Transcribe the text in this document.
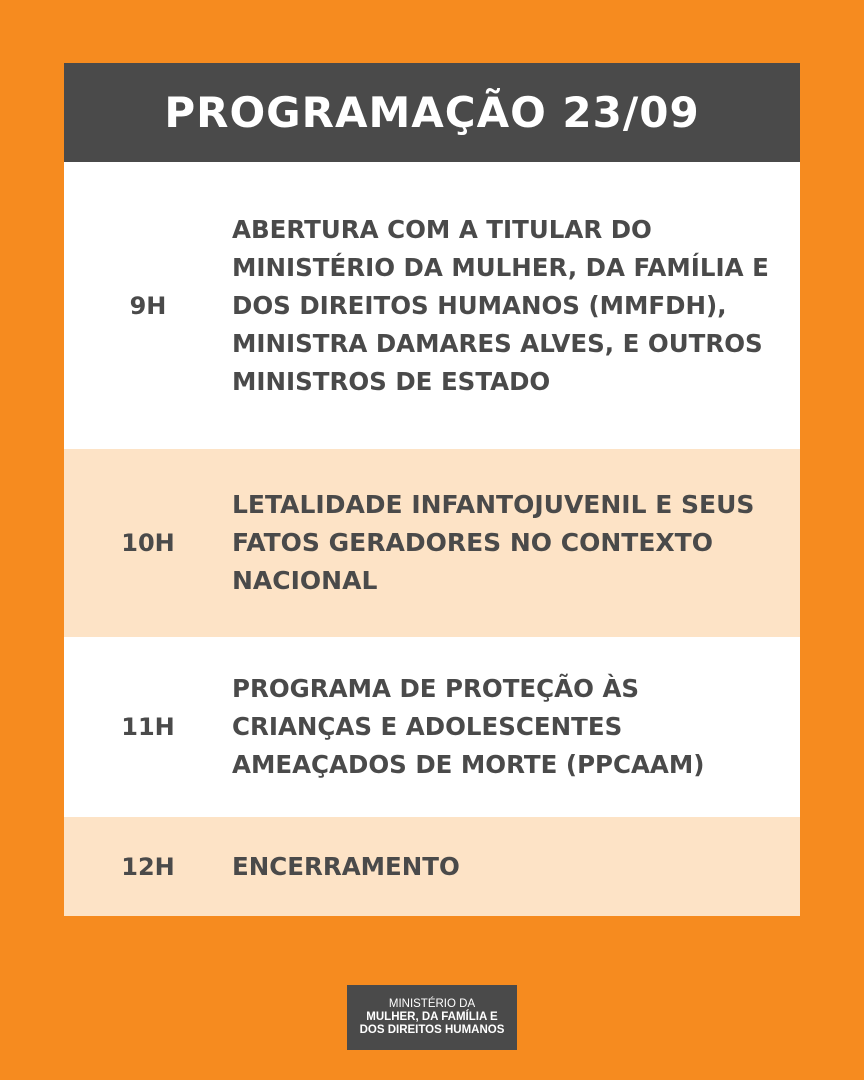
PROGRAMAÇÃO 23/09
9H
ABERTURA COM A TITULAR DO MINISTÉRIO DA MULHER, DA FAMÍLIA E DOS DIREITOS HUMANOS (MMFDH), MINISTRA DAMARES ALVES, E OUTROS MINISTROS DE ESTADO
10H
LETALIDADE INFANTOJUVENIL E SEUS FATOS GERADORES NO CONTEXTO NACIONAL
11H
PROGRAMA DE PROTEÇÃO ÀS CRIANÇAS E ADOLESCENTES AMEAÇADOS DE MORTE (PPCAAM)
12H	ENCERRAMENTO
MINISTÉRIO DA
MULHER, DA FAMÍLIA E
DOS DIREITOS HUMANOS
